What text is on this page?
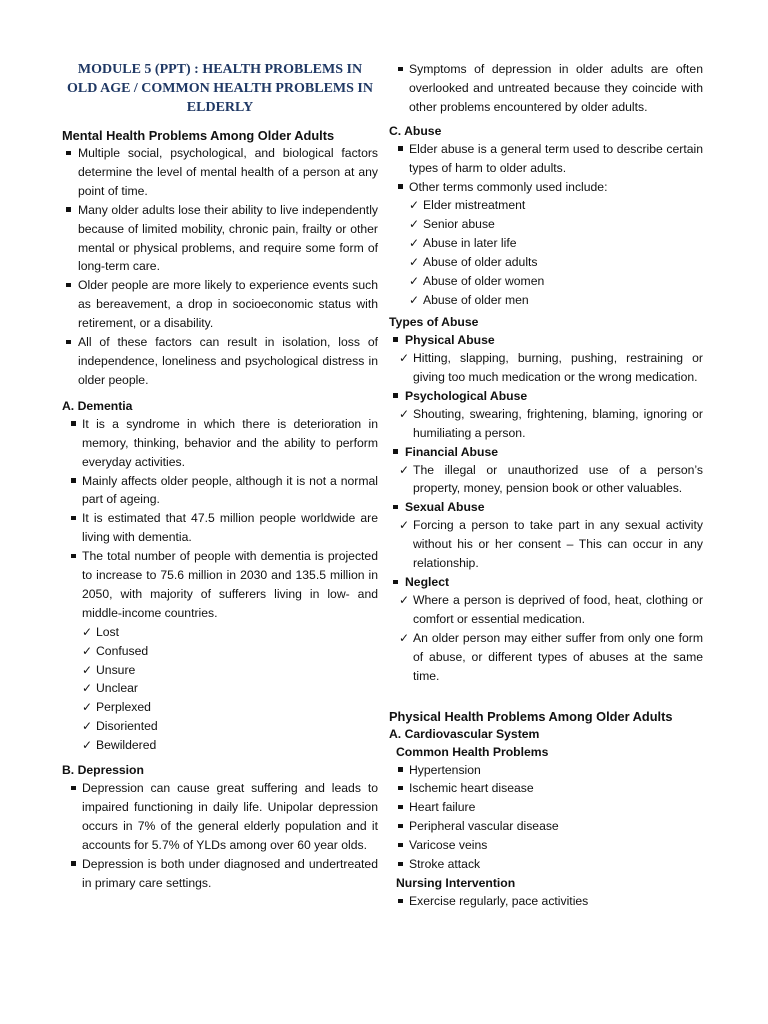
MODULE 5 (PPT) : HEALTH PROBLEMS IN OLD AGE / COMMON HEALTH PROBLEMS IN ELDERLY
Mental Health Problems Among Older Adults
Multiple social, psychological, and biological factors determine the level of mental health of a person at any point of time.
Many older adults lose their ability to live independently because of limited mobility, chronic pain, frailty or other mental or physical problems, and require some form of long-term care.
Older people are more likely to experience events such as bereavement, a drop in socioeconomic status with retirement, or a disability.
All of these factors can result in isolation, loss of independence, loneliness and psychological distress in older people.
A. Dementia
It is a syndrome in which there is deterioration in memory, thinking, behavior and the ability to perform everyday activities.
Mainly affects older people, although it is not a normal part of ageing.
It is estimated that 47.5 million people worldwide are living with dementia.
The total number of people with dementia is projected to increase to 75.6 million in 2030 and 135.5 million in 2050, with majority of sufferers living in low- and middle-income countries.
✓ Lost
✓ Confused
✓ Unsure
✓ Unclear
✓ Perplexed
✓ Disoriented
✓ Bewildered
B. Depression
Depression can cause great suffering and leads to impaired functioning in daily life. Unipolar depression occurs in 7% of the general elderly population and it accounts for 5.7% of YLDs among over 60 year olds.
Depression is both under diagnosed and undertreated in primary care settings.
Symptoms of depression in older adults are often overlooked and untreated because they coincide with other problems encountered by older adults.
C. Abuse
Elder abuse is a general term used to describe certain types of harm to older adults.
Other terms commonly used include:
✓ Elder mistreatment
✓ Senior abuse
✓ Abuse in later life
✓ Abuse of older adults
✓ Abuse of older women
✓ Abuse of older men
Types of Abuse
Physical Abuse
✓ Hitting, slapping, burning, pushing, restraining or giving too much medication or the wrong medication.
Psychological Abuse
✓ Shouting, swearing, frightening, blaming, ignoring or humiliating a person.
Financial Abuse
✓ The illegal or unauthorized use of a person’s property, money, pension book or other valuables.
Sexual Abuse
✓ Forcing a person to take part in any sexual activity without his or her consent – This can occur in any relationship.
Neglect
✓ Where a person is deprived of food, heat, clothing or comfort or essential medication.
✓ An older person may either suffer from only one form of abuse, or different types of abuses at the same time.
Physical Health Problems Among Older Adults
A. Cardiovascular System
Common Health Problems
Hypertension
Ischemic heart disease
Heart failure
Peripheral vascular disease
Varicose veins
Stroke attack
Nursing Intervention
Exercise regularly, pace activities
